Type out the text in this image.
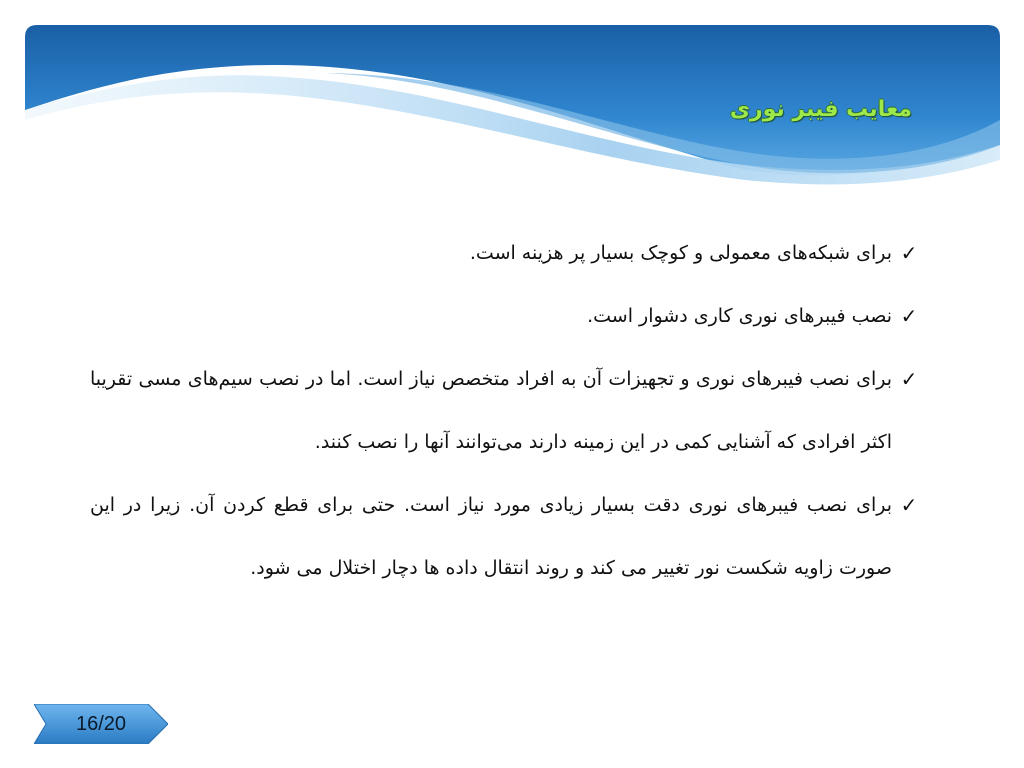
معایب فیبر نوری
✓
برای شبکه‌های معمولی و کوچک بسیار پر هزینه است.
✓
نصب فیبرهای نوری کاری دشوار است.
✓
برای نصب فیبرهای نوری و تجهیزات آن به افراد متخصص نیاز است. اما در نصب سیم‌های مسی تقریبا اکثر افرادی که آشنایی کمی در این زمینه دارند می‌توانند آنها را نصب کنند.
✓
برای نصب فیبرهای نوری دقت بسیار زیادی مورد نیاز است. حتی برای قطع کردن آن. زیرا در این صورت زاویه شکست نور تغییر می کند و روند انتقال داده ها دچار اختلال می شود.
16/20
